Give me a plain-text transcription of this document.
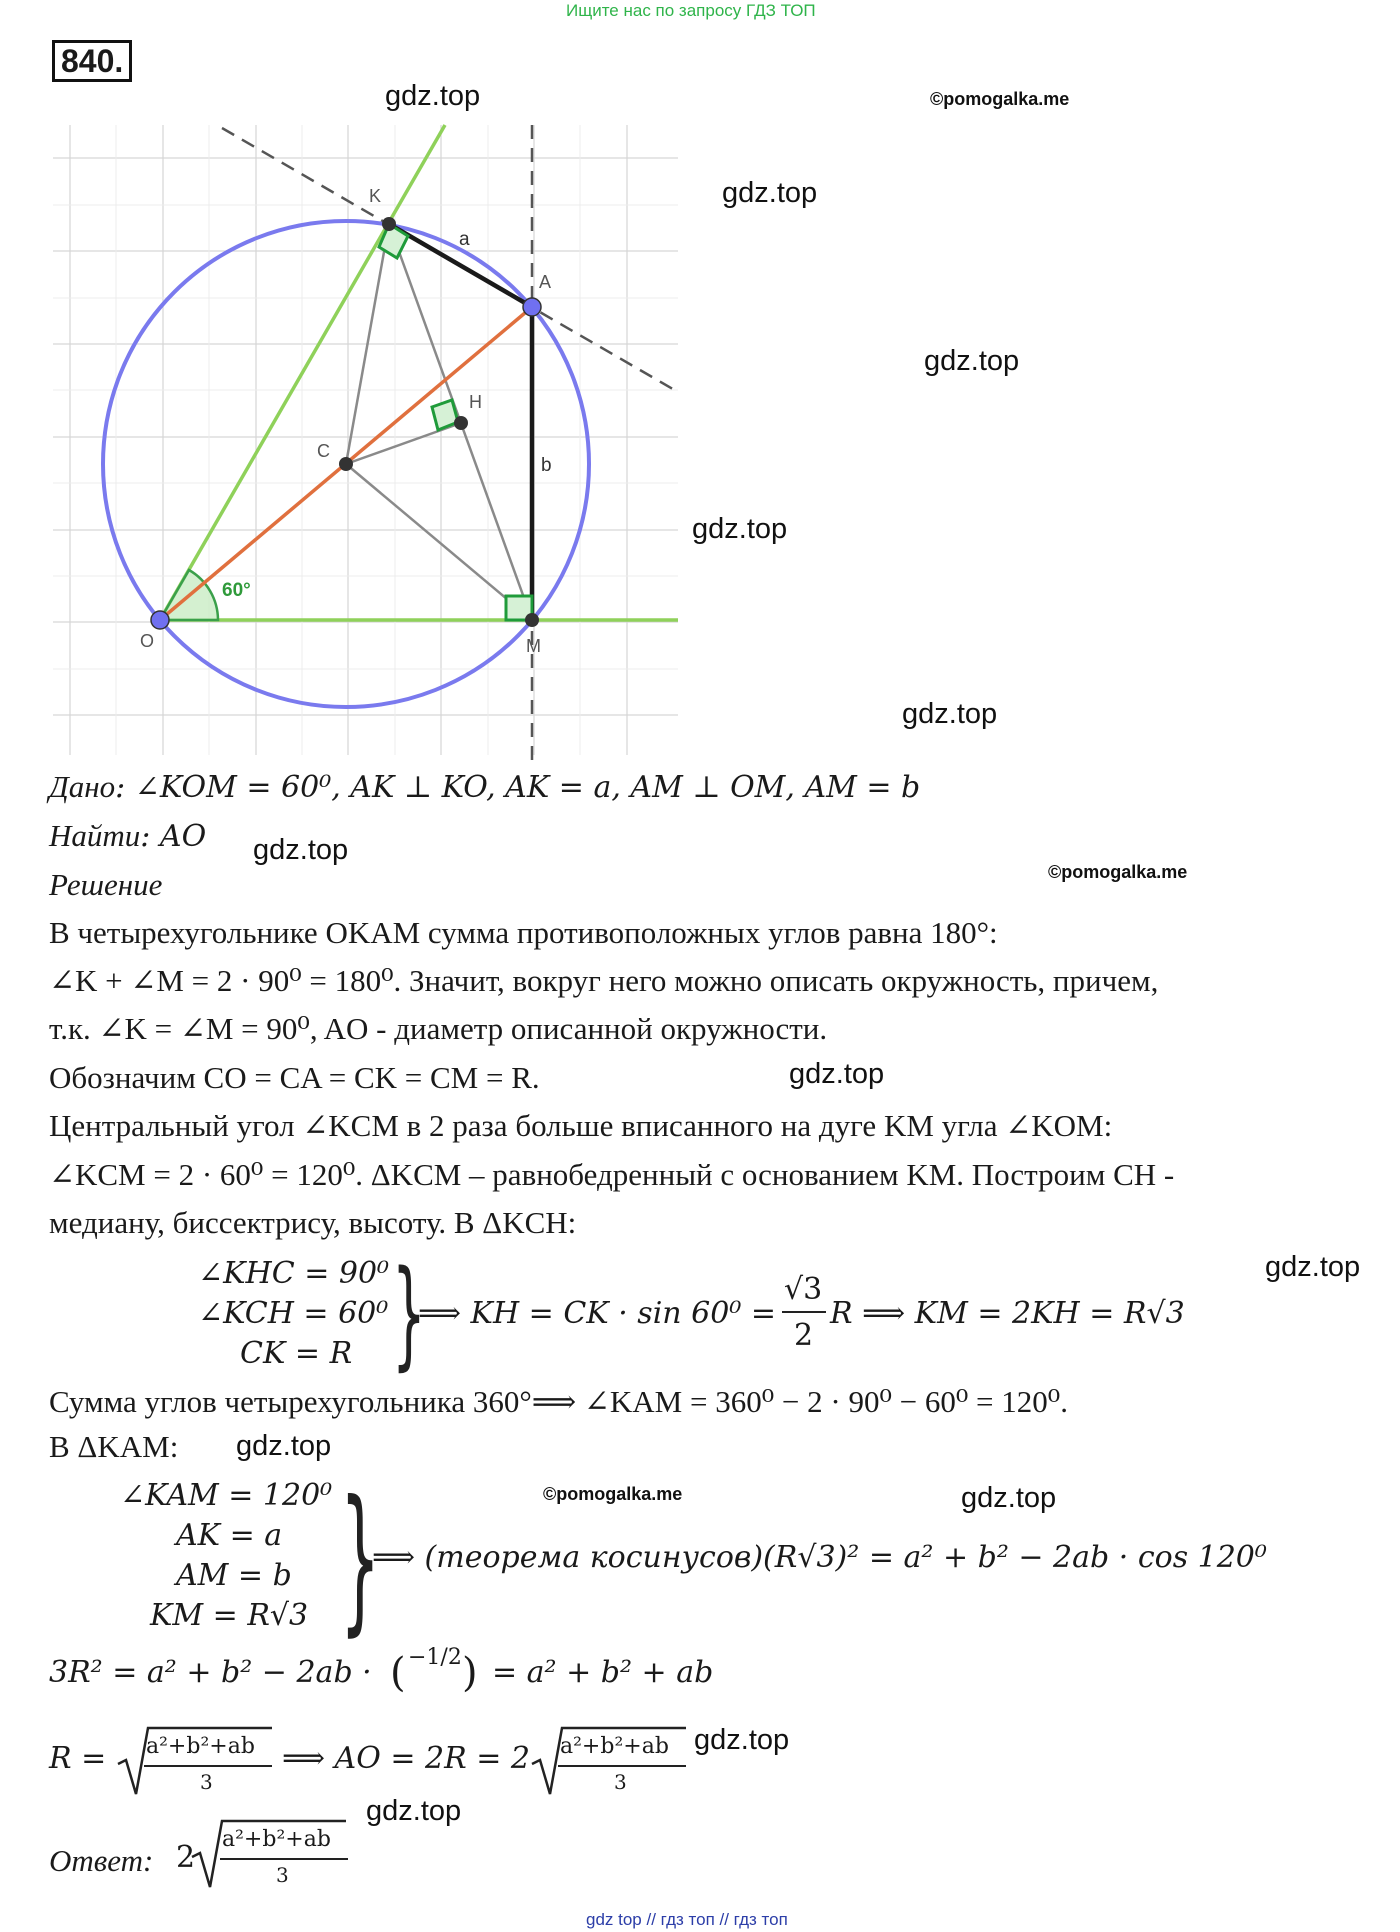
Ищите нас по запросу ГДЗ ТОП
840.
gdz.top	©pomogalka.me
gdz.top
gdz.top
gdz.top
gdz.top
gdz.top
©pomogalka.me
gdz.top
gdz.top
gdz.top
©pomogalka.me	gdz.top
gdz.top
gdz.top
K
A
H
C
O	M
a
b
60°
Дано: ∠KOM = 60⁰, AK ⊥ KO, AK = a, AM ⊥ OM, AM = b
Найти: AO
Решение
В четырехугольнике OKAM сумма противоположных углов равна 180°:
∠K + ∠M = 2 · 90⁰ = 180⁰. Значит, вокруг него можно описать окружность, причем,
т.к. ∠K = ∠M = 90⁰, AO - диаметр описанной окружности.
Обозначим CO = CA = CK = CM = R.
Центральный угол ∠KCM в 2 раза больше вписанного на дуге KM угла ∠KOM:
∠KCM = 2 · 60⁰ = 120⁰. ΔKCM – равнобедренный с основанием KM. Построим CH -
медиану, биссектрису, высоту. В ΔKCH:
∠KHC = 90⁰
∠KCH = 60⁰
CK = R }
⟹ KH = CK · sin 60⁰ =
√3
2
R ⟹ KM = 2KH = R√3
Сумма углов четырехугольника 360°⟹ ∠KAM = 360⁰ − 2 · 90⁰ − 60⁰ = 120⁰.
В ΔKAM:
∠KAM = 120⁰
AK = a
AM = b
KM = R√3 }
⟹ (теорема косинусов)(R√3)² = a² + b² − 2ab · cos 120⁰
3R² = a² + b² − 2ab · ( −1/2 ) = a² + b² + ab
R = a²+b²+ab
3
⟹ AO = 2R = 2 a²+b²+ab
3
Ответ: 2
a²+b²+ab
3
gdz top // гдз топ // гдз топ
